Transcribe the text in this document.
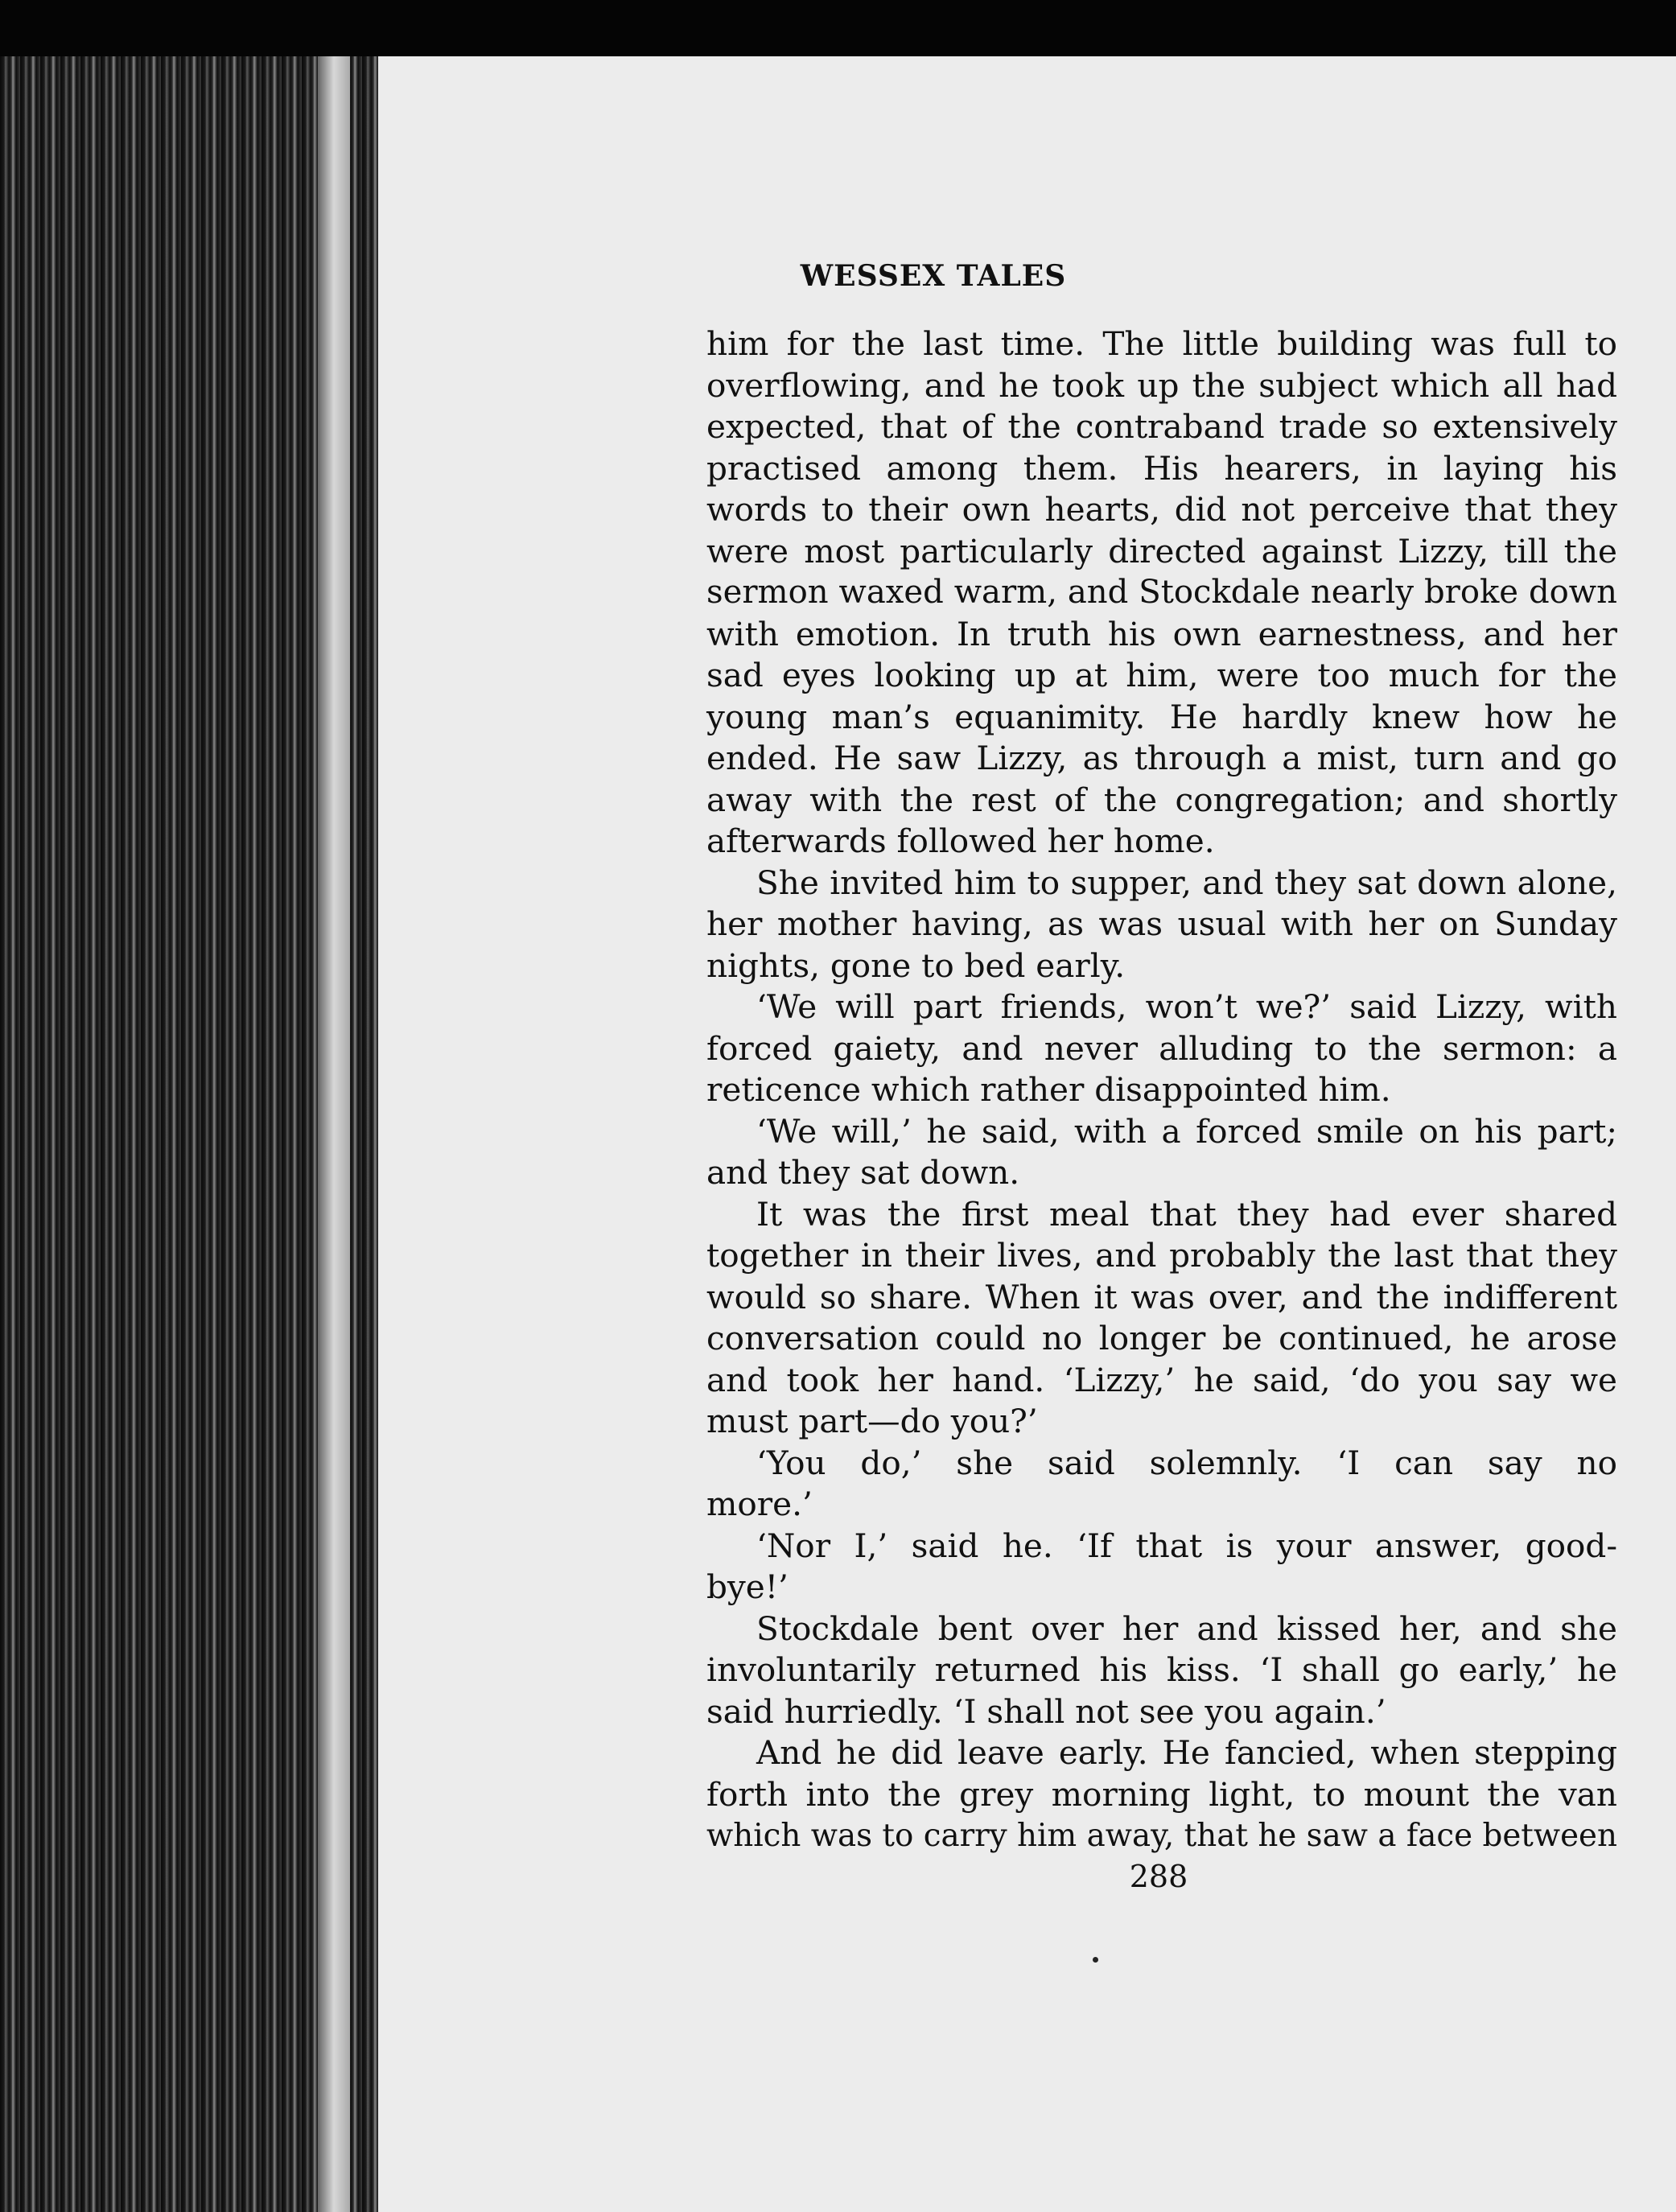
WESSEX TALES
him for the last time. The little building was full to
overflowing, and he took up the subject which all had
expected, that of the contraband trade so extensively
practised among them. His hearers, in laying his
words to their own hearts, did not perceive that they
were most particularly directed against Lizzy, till the
sermon waxed warm, and Stockdale nearly broke down
with emotion. In truth his own earnestness, and her
sad eyes looking up at him, were too much for the
young man’s equanimity. He hardly knew how he
ended. He saw Lizzy, as through a mist, turn and go
away with the rest of the congregation; and shortly
afterwards followed her home.
She invited him to supper, and they sat down alone,
her mother having, as was usual with her on Sunday
nights, gone to bed early.
‘We will part friends, won’t we?’ said Lizzy, with
forced gaiety, and never alluding to the sermon: a
reticence which rather disappointed him.
‘We will,’ he said, with a forced smile on his part;
and they sat down.
It was the first meal that they had ever shared
together in their lives, and probably the last that they
would so share. When it was over, and the indifferent
conversation could no longer be continued, he arose
and took her hand. ‘Lizzy,’ he said, ‘do you say we
must part—do you?’
‘You do,’ she said solemnly. ‘I can say no
more.’
‘Nor I,’ said he. ‘If that is your answer, good-
bye!’
Stockdale bent over her and kissed her, and she
involuntarily returned his kiss. ‘I shall go early,’ he
said hurriedly. ‘I shall not see you again.’
And he did leave early. He fancied, when stepping
forth into the grey morning light, to mount the van
which was to carry him away, that he saw a face between
288
